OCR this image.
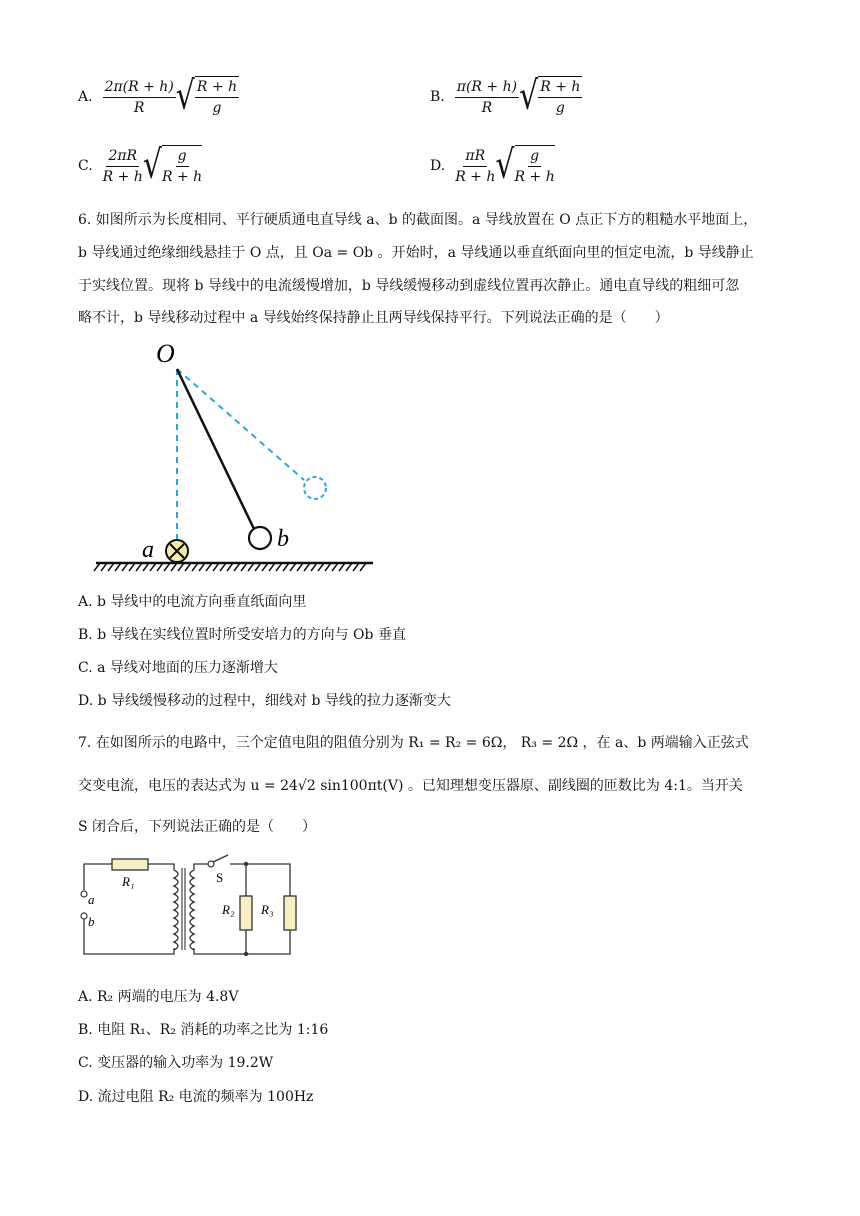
A. $\frac{2\pi(R + h)}{R}$ √ $\frac{R + h}{g}$	B. $\frac{\pi(R + h)}{R}$ √ $\frac{R + h}{g}$
C. $\frac{2\pi R}{R + h}$ √ $\frac{g}{R + h}$	D. $\frac{\pi R}{R + h}$ √ $\frac{g}{R + h}$
6. 如图所示为长度相同、平行硬质通电直导线 a、b 的截面图。a 导线放置在 O 点正下方的粗糙水平地面上，
b 导线通过绝缘细线悬挂于 O 点，且 Oa = Ob 。开始时，a 导线通以垂直纸面向里的恒定电流，b 导线静止
于实线位置。现将 b 导线中的电流缓慢增加，b 导线缓慢移动到虚线位置再次静止。通电直导线的粗细可忽
略不计，b 导线移动过程中 a 导线始终保持静止且两导线保持平行。下列说法正确的是（　　）
O
b
a
A. b 导线中的电流方向垂直纸面向里
B. b 导线在实线位置时所受安培力的方向与 Ob 垂直
C. a 导线对地面的压力逐渐增大
D. b 导线缓慢移动的过程中，细线对 b 导线的拉力逐渐变大
7. 在如图所示的电路中，三个定值电阻的阻值分别为 R₁ = R₂ = 6Ω， R₃ = 2Ω ，在 a、b 两端输入正弦式
交变电流，电压的表达式为 u = 24√2 sin100πt(V) 。已知理想变压器原、副线圈的匝数比为 4:1。当开关
S 闭合后，下列说法正确的是（　　）
R₁
a
b
S
R₂ R₃
A. R₂ 两端的电压为 4.8V
B. 电阻 R₁、R₂ 消耗的功率之比为 1:16
C. 变压器的输入功率为 19.2W
D. 流过电阻 R₂ 电流的频率为 100Hz
